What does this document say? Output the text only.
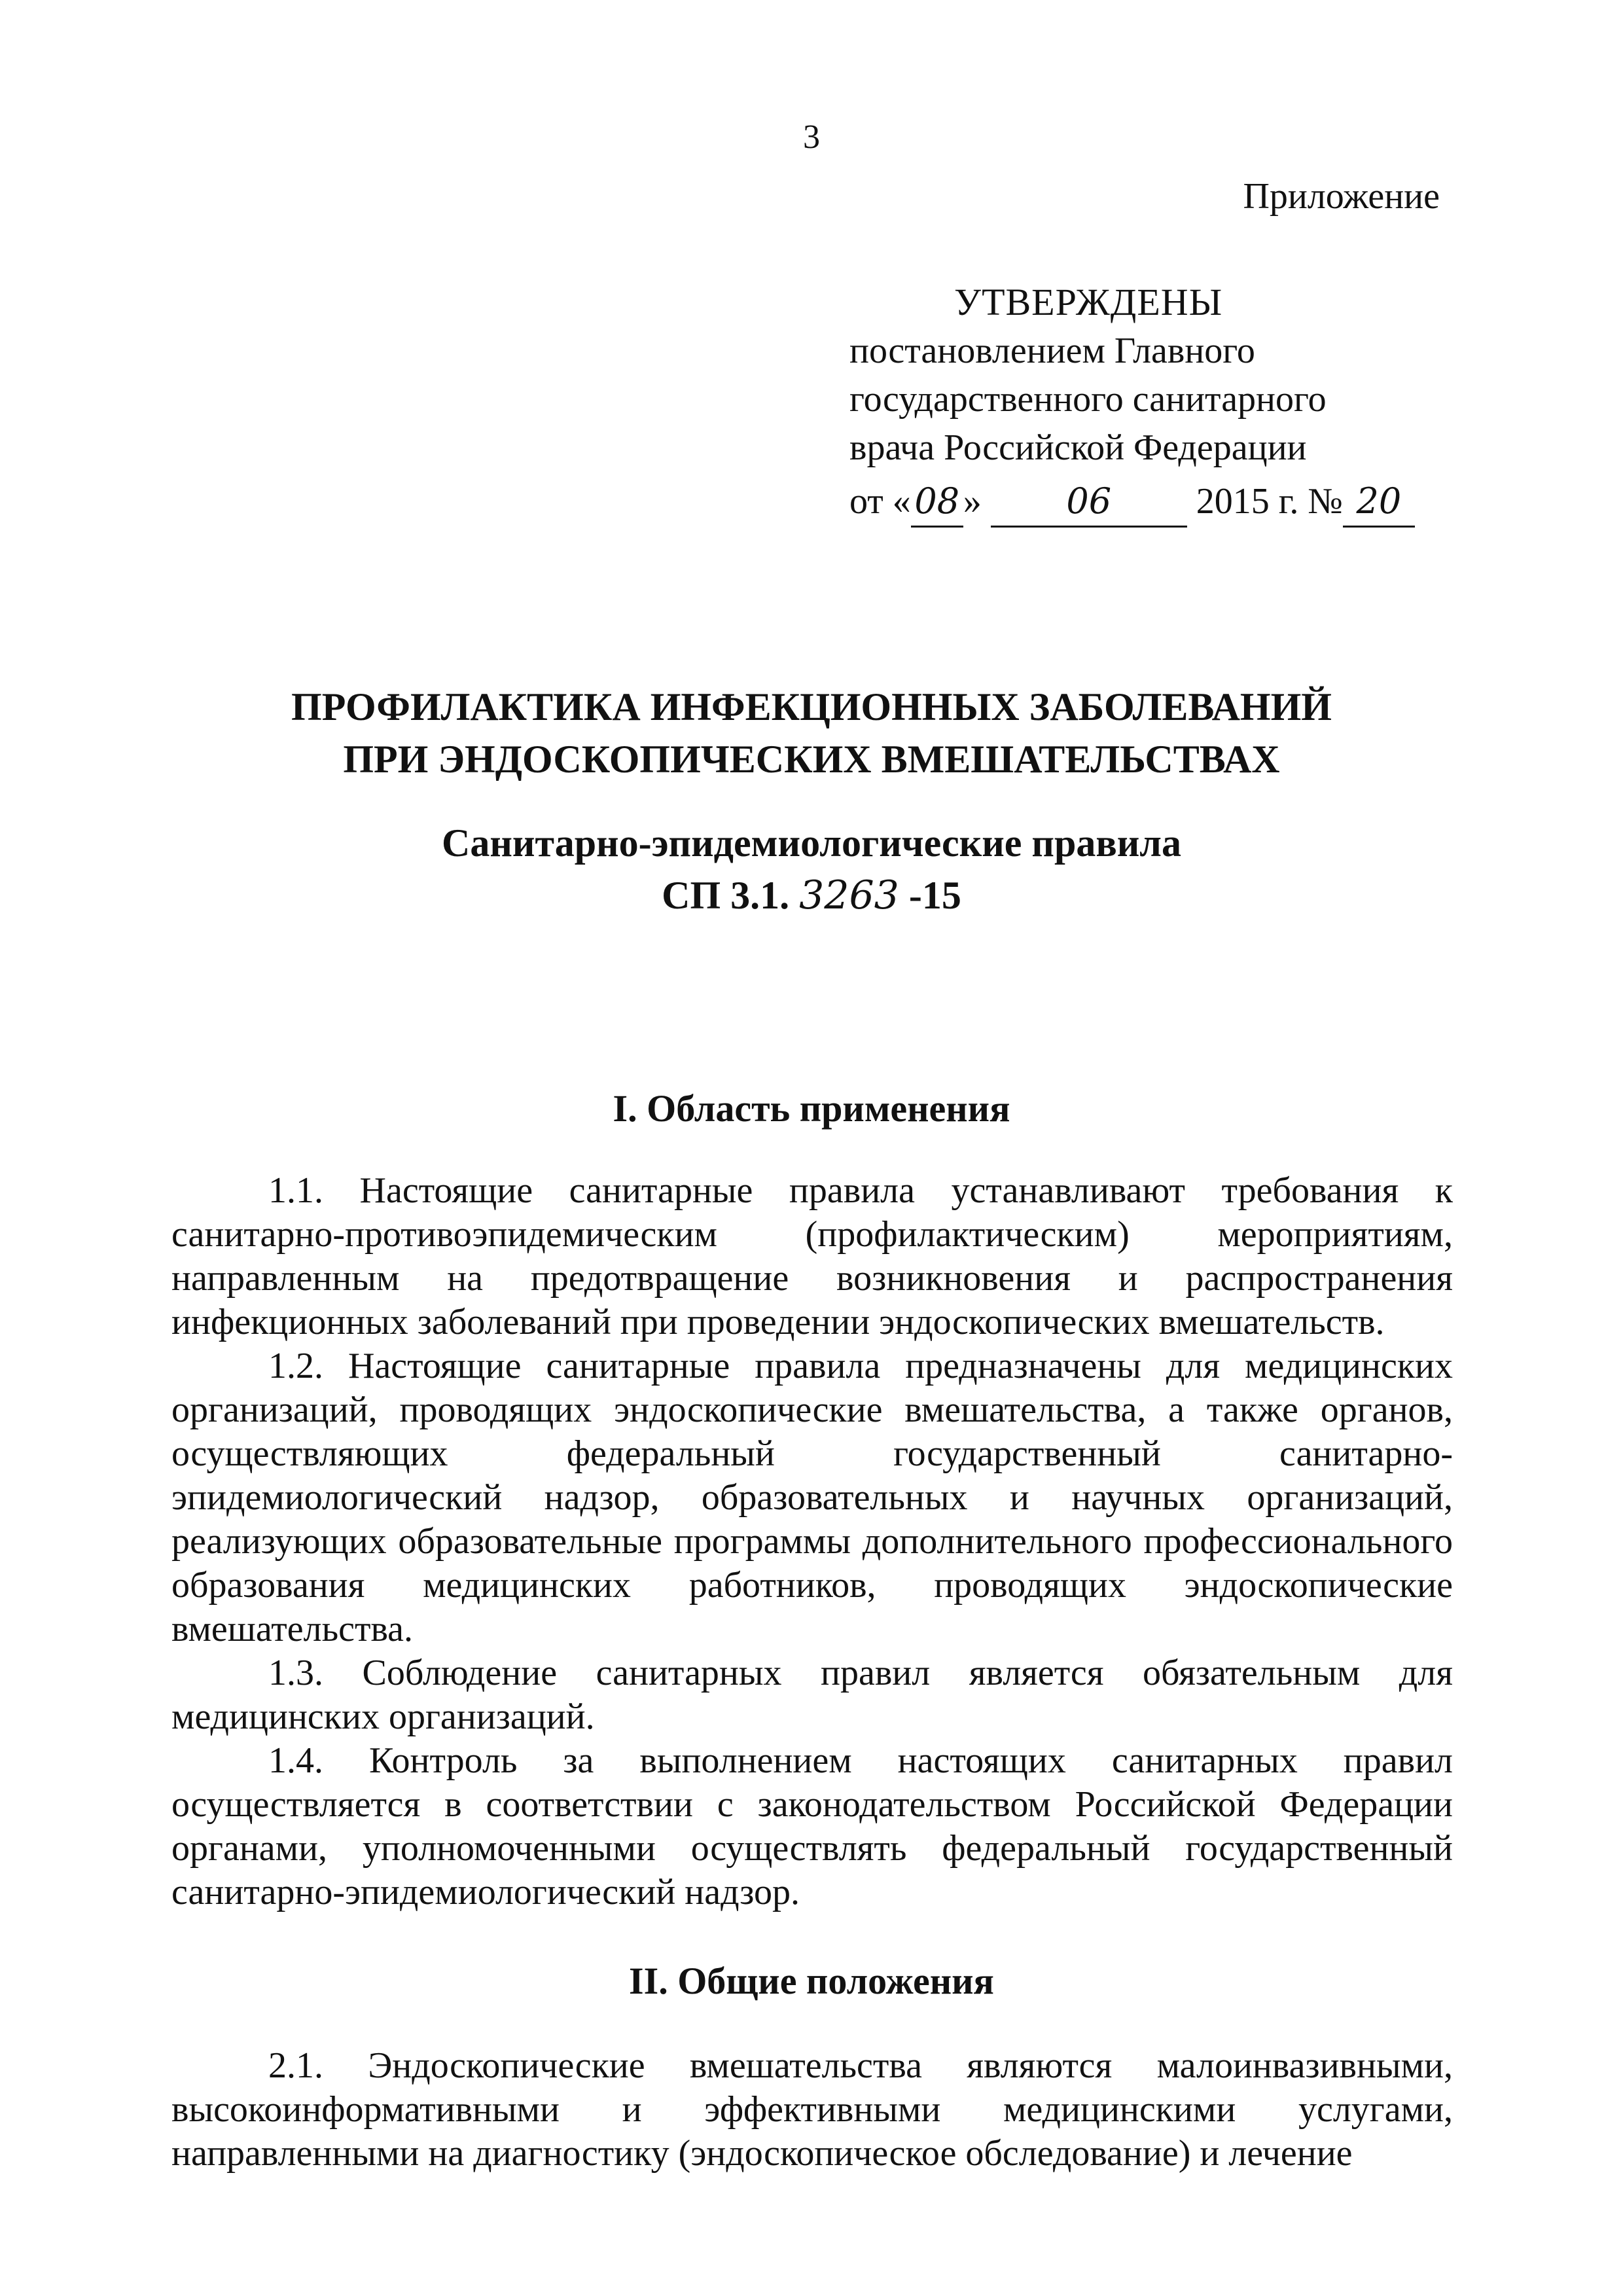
3
Приложение
УТВЕРЖДЕНЫ
постановлением Главного
государственного санитарного
врача Российской Федерации
от « 08 » 06 2015 г. № 20
ПРОФИЛАКТИКА ИНФЕКЦИОННЫХ ЗАБОЛЕВАНИЙ
ПРИ ЭНДОСКОПИЧЕСКИХ ВМЕШАТЕЛЬСТВАХ
Санитарно-эпидемиологические правила
СП 3.1. 3263 -15
I. Область применения

1.1. Настоящие санитарные правила устанавливают требования к санитарно-противоэпидемическим (профилактическим) мероприятиям, направленным на предотвращение возникновения и распространения инфекционных заболеваний при проведении эндоскопических вмешательств.

1.2. Настоящие санитарные правила предназначены для медицинских организаций, проводящих эндоскопические вмешательства, а также органов, осуществляющих федеральный государственный санитарно-эпидемиологический надзор, образовательных и научных организаций, реализующих образовательные программы дополнительного профессионального образования медицинских работников, проводящих эндоскопические вмешательства.

1.3. Соблюдение санитарных правил является обязательным для медицинских организаций.

1.4. Контроль за выполнением настоящих санитарных правил осуществляется в соответствии с законодательством Российской Федерации органами, уполномоченными осуществлять федеральный государственный санитарно-эпидемиологический надзор.

II. Общие положения

2.1. Эндоскопические вмешательства являются малоинвазивными, высокоинформативными и эффективными медицинскими услугами, направленными на диагностику (эндоскопическое обследование) и лечение
